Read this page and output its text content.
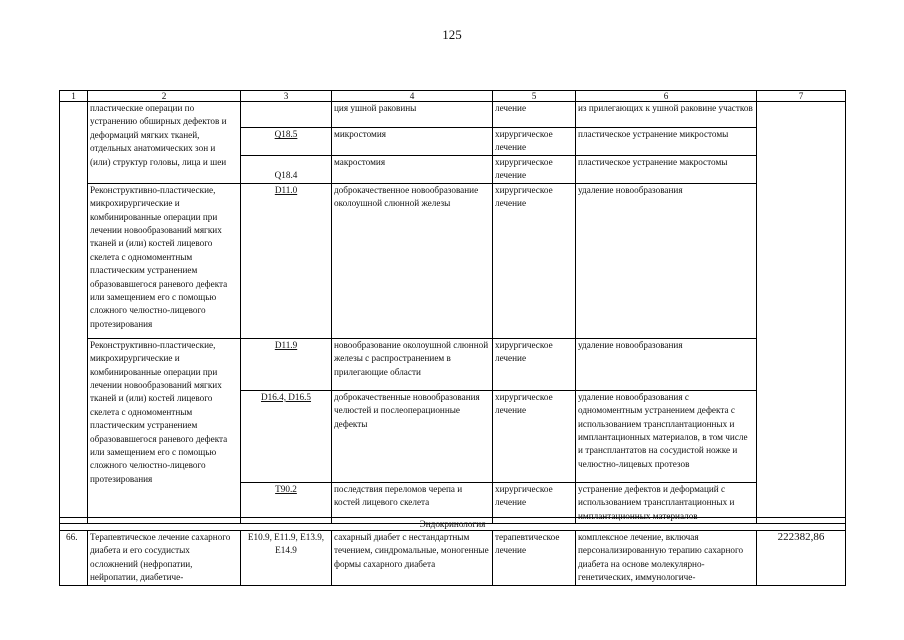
125
1	2	3	4	5	6	7
	пластические операции по устранению обширных дефектов и деформаций мягких тканей, отдельных анатомических зон и (или) структур головы, лица и шеи		ция ушной раковины	лечение	из прилегающих к ушной раковине участков	
		Q18.5	микростомия	хирургическое лечение	пластическое устранение микростомы	
		Q18.4	макростомия	хирургическое лечение	пластическое устранение макростомы	
	Реконструктивно-пластические, микрохирургические и комбинированные операции при лечении новообразований мягких тканей и (или) костей лицевого скелета с одномоментным пластическим устранением образовавшегося раневого дефекта или замещением его с помощью сложного челюстно-лицевого протезирования	D11.0	доброкачественное новообразование околоушной слюнной железы	хирургическое лечение	удаление новообразования	
	Реконструктивно-пластические, микрохирургические и комбинированные операции при лечении новообразований мягких тканей и (или) костей лицевого скелета с одномоментным пластическим устранением образовавшегося раневого дефекта или замещением его с помощью сложного челюстно-лицевого протезирования	D11.9	новообразование околоушной слюнной железы с распространением в прилегающие области	хирургическое лечение	удаление новообразования	
		D16.4, D16.5	доброкачественные новообразования челюстей и послеоперационные дефекты	хирургическое лечение	удаление новообразования с одномоментным устранением дефекта с использованием трансплантационных и имплантационных материалов, в том числе и трансплантатов на сосудистой ножке и челюстно-лицевых протезов	
		T90.2	последствия переломов черепа и костей лицевого скелета	хирургическое лечение	устранение дефектов и деформаций с использованием трансплантационных и имплантационных материалов	
Эндокринология
66.	Терапевтическое лечение сахарного диабета и его сосудистых осложнений (нефропатии, нейропатии, диабетиче-	E10.9, E11.9, E13.9, E14.9	сахарный диабет с нестандартным течением, синдромальные, моногенные формы сахарного диабета	терапевтическое лечение	комплексное лечение, включая персонализированную терапию сахарного диабета на основе молекулярно-генетических, иммунологиче-	222382,86
